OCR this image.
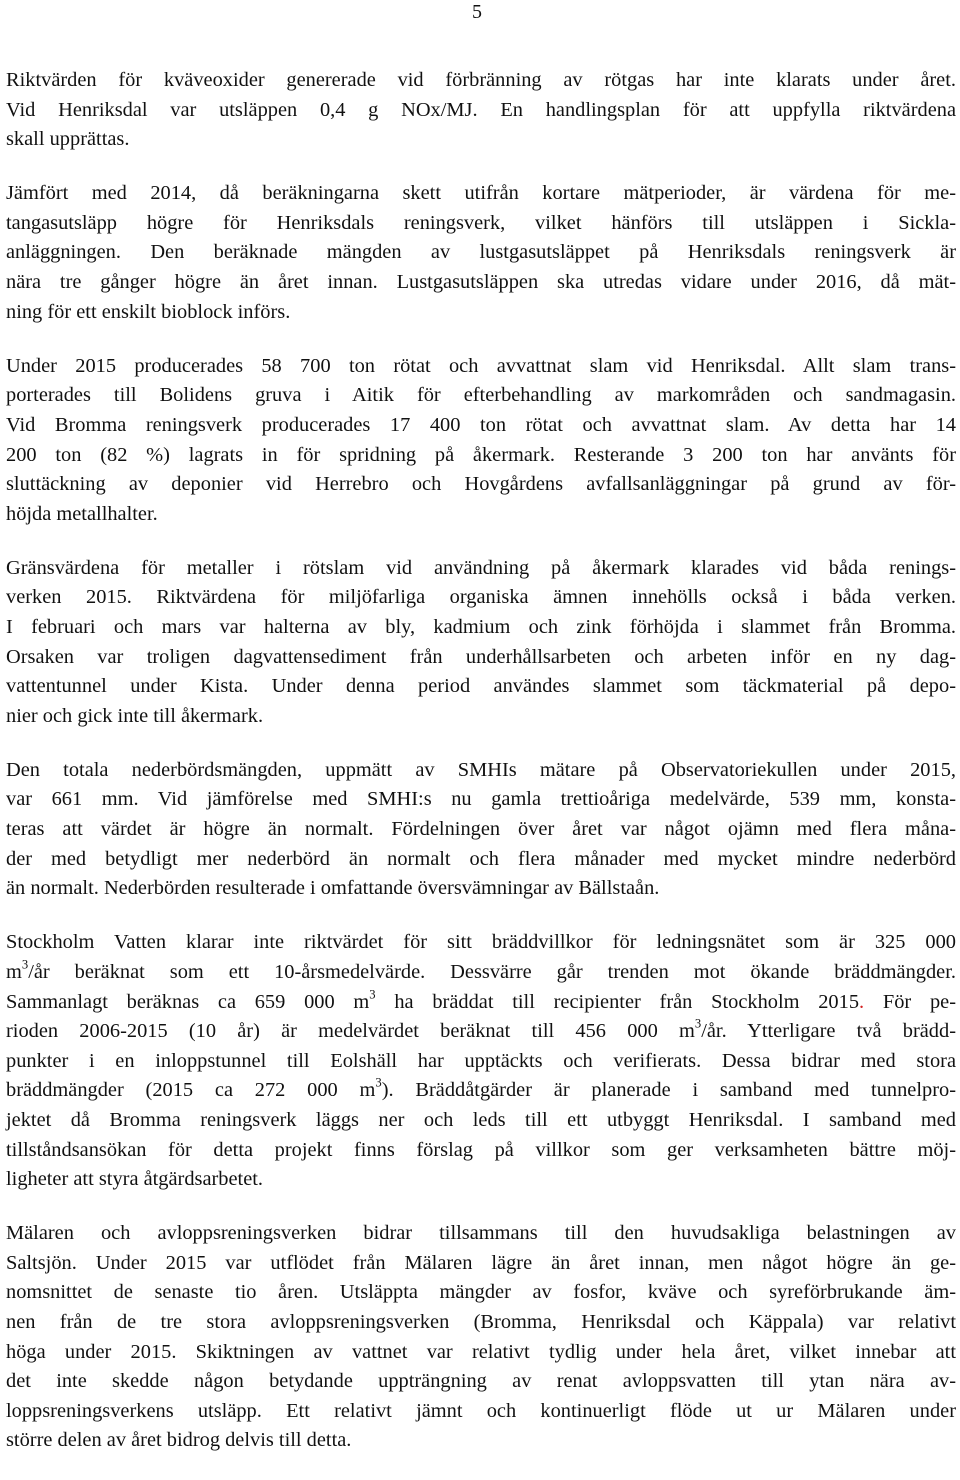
5
Riktvärden för kväveoxider genererade vid förbränning av rötgas har inte klarats under året.
Vid Henriksdal var utsläppen 0,4 g NOx/MJ. En handlingsplan för att uppfylla riktvärdena
skall upprättas.
Jämfört med 2014, då beräkningarna skett utifrån kortare mätperioder, är värdena för me-
tangasutsläpp högre för Henriksdals reningsverk, vilket hänförs till utsläppen i Sickla-
anläggningen. Den beräknade mängden av lustgasutsläppet på Henriksdals reningsverk är
nära tre gånger högre än året innan. Lustgasutsläppen ska utredas vidare under 2016, då mät-
ning för ett enskilt bioblock införs.
Under 2015 producerades 58 700 ton rötat och avvattnat slam vid Henriksdal. Allt slam trans-
porterades till Bolidens gruva i Aitik för efterbehandling av markområden och sandmagasin.
Vid Bromma reningsverk producerades 17 400 ton rötat och avvattnat slam. Av detta har 14
200 ton (82 %) lagrats in för spridning på åkermark. Resterande 3 200 ton har använts för
sluttäckning av deponier vid Herrebro och Hovgårdens avfallsanläggningar på grund av för-
höjda metallhalter.
Gränsvärdena för metaller i rötslam vid användning på åkermark klarades vid båda renings-
verken 2015. Riktvärdena för miljöfarliga organiska ämnen innehölls också i båda verken.
I februari och mars var halterna av bly, kadmium och zink förhöjda i slammet från Bromma.
Orsaken var troligen dagvattensediment från underhållsarbeten och arbeten inför en ny dag-
vattentunnel under Kista. Under denna period användes slammet som täckmaterial på depo-
nier och gick inte till åkermark.
Den totala nederbördsmängden, uppmätt av SMHIs mätare på Observatoriekullen under 2015,
var 661 mm. Vid jämförelse med SMHI:s nu gamla trettioåriga medelvärde, 539 mm, konsta-
teras att värdet är högre än normalt. Fördelningen över året var något ojämn med flera måna-
der med betydligt mer nederbörd än normalt och flera månader med mycket mindre nederbörd
än normalt. Nederbörden resulterade i omfattande översvämningar av Bällstaån.
Stockholm Vatten klarar inte riktvärdet för sitt bräddvillkor för ledningsnätet som är 325 000
$m^3/år$ beräknat som ett 10-årsmedelvärde. Dessvärre går trenden mot ökande bräddmängder.
Sammanlagt beräknas ca 659 000 $m^3$ ha bräddat till recipienter från Stockholm 2015. För pe-
rioden 2006-2015 (10 år) är medelvärdet beräknat till 456 000 $m^3/år$. Ytterligare två brädd-
punkter i en inloppstunnel till Eolshäll har upptäckts och verifierats. Dessa bidrar med stora
bräddmängder (2015 ca 272 000 $m^3$). Bräddåtgärder är planerade i samband med tunnelpro-
jektet då Bromma reningsverk läggs ner och leds till ett utbyggt Henriksdal. I samband med
tillståndsansökan för detta projekt finns förslag på villkor som ger verksamheten bättre möj-
ligheter att styra åtgärdsarbetet.
Mälaren och avloppsreningsverken bidrar tillsammans till den huvudsakliga belastningen av
Saltsjön. Under 2015 var utflödet från Mälaren lägre än året innan, men något högre än ge-
nomsnittet de senaste tio åren. Utsläppta mängder av fosfor, kväve och syreförbrukande äm-
nen från de tre stora avloppsreningsverken (Bromma, Henriksdal och Käppala) var relativt
höga under 2015. Skiktningen av vattnet var relativt tydlig under hela året, vilket innebar att
det inte skedde någon betydande uppträngning av renat avloppsvatten till ytan nära av-
loppsreningsverkens utsläpp. Ett relativt jämnt och kontinuerligt flöde ut ur Mälaren under
större delen av året bidrog delvis till detta.
